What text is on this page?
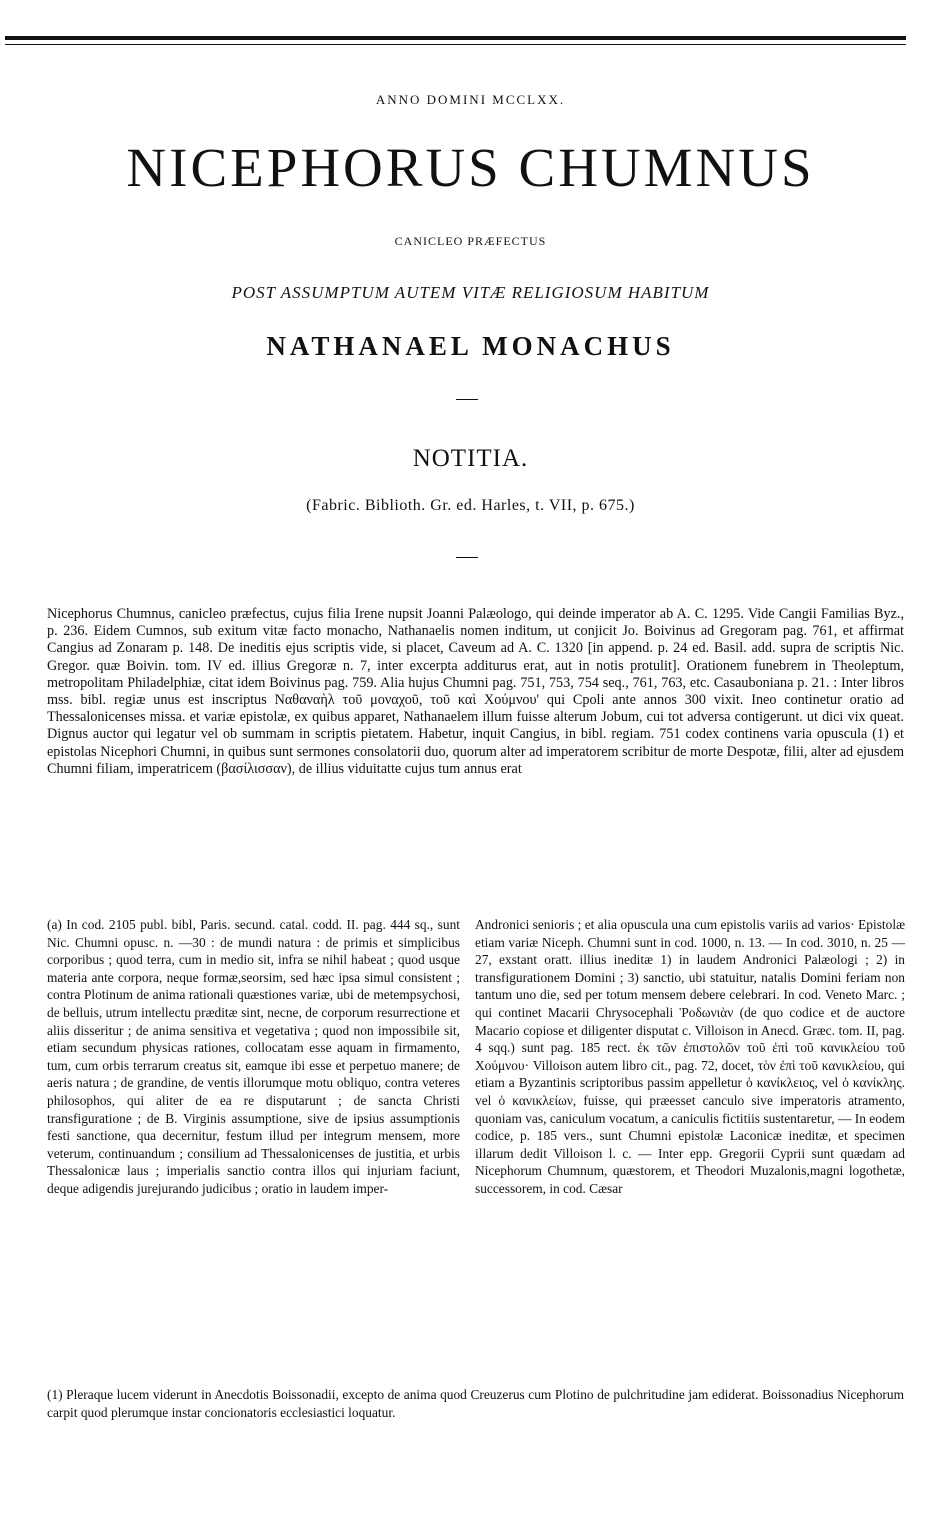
ANNO DOMINI MCCLXX.
NICEPHORUS CHUMNUS
CANICLEO PRÆFECTUS
POST ASSUMPTUM AUTEM VITÆ RELIGIOSUM HABITUM
NATHANAEL MONACHUS
NOTITIA.
(Fabric. Biblioth. Gr. ed. Harles, t. VII, p. 675.)
Nicephorus Chumnus, canicleo præfectus, cujus filia Irene nupsit Joanni Palæologo, qui deinde imperator ab A. C. 1295. Vide Cangii Familias Byz., p. 236. Eidem Cumnos, sub exitum vitæ facto monacho, Nathanaelis nomen inditum, ut conjicit Jo. Boivinus ad Gregoram pag. 761, et affirmat Cangius ad Zonaram p. 148. De ineditis ejus scriptis vide, si placet, Caveum ad A. C. 1320 [in append. p. 24 ed. Basil. add. supra de scriptis Nic. Gregor. quæ Boivin. tom. IV ed. illius Gregoræ n. 7, inter excerpta additurus erat, aut in notis protulit]. Orationem funebrem in Theoleptum, metropolitam Philadelphiæ, citat idem Boivinus pag. 759. Alia hujus Chumni pag. 751, 753, 754 seq., 761, 763, etc. Casauboniana p. 21. : Inter libros mss. bibl. regiæ unus est inscriptus Ναθαναὴλ τοῦ μοναχοῦ, τοῦ καὶ Χούμνου' qui Cpoli ante annos 300 vixit. Ineo continetur oratio ad Thessalonicenses missa. et variæ epistolæ, ex quibus apparet, Nathanaelem illum fuisse alterum Jobum, cui tot adversa contigerunt. ut dici vix queat. Dignus auctor qui legatur vel ob summam in scriptis pietatem. Habetur, inquit Cangius, in bibl. regiam. 751 codex continens varia opuscula (1) et epistolas Nicephori Chumni, in quibus sunt sermones consolatorii duo, quorum alter ad imperatorem scribitur de morte Despotæ, filii, alter ad ejusdem Chumni filiam, imperatricem (βασίλισσαν), de illius viduitatte cujus tum annus erat
(a) In cod. 2105 publ. bibl, Paris. secund. catal. codd. II. pag. 444 sq., sunt Nic. Chumni opusc. n. —30 : de mundi natura : de primis et simplicibus corporibus ; quod terra, cum in medio sit, infra se nihil habeat ; quod usque materia ante corpora, neque formæ,seorsim, sed hæc ipsa simul consistent ; contra Plotinum de anima rationali quæstiones variæ, ubi de metempsychosi, de belluis, utrum intellectu præditæ sint, necne, de corporum resurrectione et aliis disseritur ; de anima sensitiva et vegetativa ; quod non impossibile sit, etiam secundum physicas rationes, collocatam esse aquam in firmamento, tum, cum orbis terrarum creatus sit, eamque ibi esse et perpetuo manere; de aeris natura ; de grandine, de ventis illorumque motu obliquo, contra veteres philosophos, qui aliter de ea re disputarunt ; de sancta Christi transfiguratione ; de B. Virginis assumptione, sive de ipsius assumptionis festi sanctione, qua decernitur, festum illud per integrum mensem, more veterum, continuandum ; consilium ad Thessalonicenses de justitia, et urbis Thessalonicæ laus ; imperialis sanctio contra illos qui injuriam faciunt, deque adigendis jurejurando judicibus ; oratio in laudem imper-
Andronici senioris ; et alia opuscula una cum epistolis variis ad varios· Epistolæ etiam variæ Niceph. Chumni sunt in cod. 1000, n. 13. — In cod. 3010, n. 25 — 27, exstant oratt. illius ineditæ 1) in laudem Andronici Palæologi ; 2) in transfigurationem Domini ; 3) sanctio, ubi statuitur, natalis Domini feriam non tantum uno die, sed per totum mensem debere celebrari. In cod. Veneto Marc. ; qui continet Macarii Chrysocephali Ῥοδωνιὰν (de quo codice et de auctore Macario copiose et diligenter disputat c. Villoison in Anecd. Græc. tom. II, pag. 4 sqq.) sunt pag. 185 rect. ἐκ τῶν ἐπιστολῶν τοῦ ἐπὶ τοῦ κανικλείου τοῦ Χούμνου· Villoison autem libro cit., pag. 72, docet, τὸν ἐπὶ τοῦ κανικλείου, qui etiam a Byzantinis scriptoribus passim appelletur ὁ κανίκλειος, vel ὁ κανίκλης. vel ὁ κανικλείων, fuisse, qui præesset canculo sive imperatoris atramento, quoniam vas, caniculum vocatum, a caniculis fictitiis sustentaretur, — In eodem codice, p. 185 vers., sunt Chumni epistolæ Laconicæ ineditæ, et specimen illarum dedit Villoison l. c. — Inter epp. Gregorii Cyprii sunt quædam ad Nicephorum Chumnum, quæstorem, et Theodori Muzalonis,magni logothetæ, successorem, in cod. Cæsar
(1) Pleraque lucem viderunt in Anecdotis Boissonadii, excepto de anima quod Creuzerus cum Plotino de pulchritudine jam ediderat. Boissonadius Nicephorum carpit quod plerumque instar concionatoris ecclesiastici loquatur.
